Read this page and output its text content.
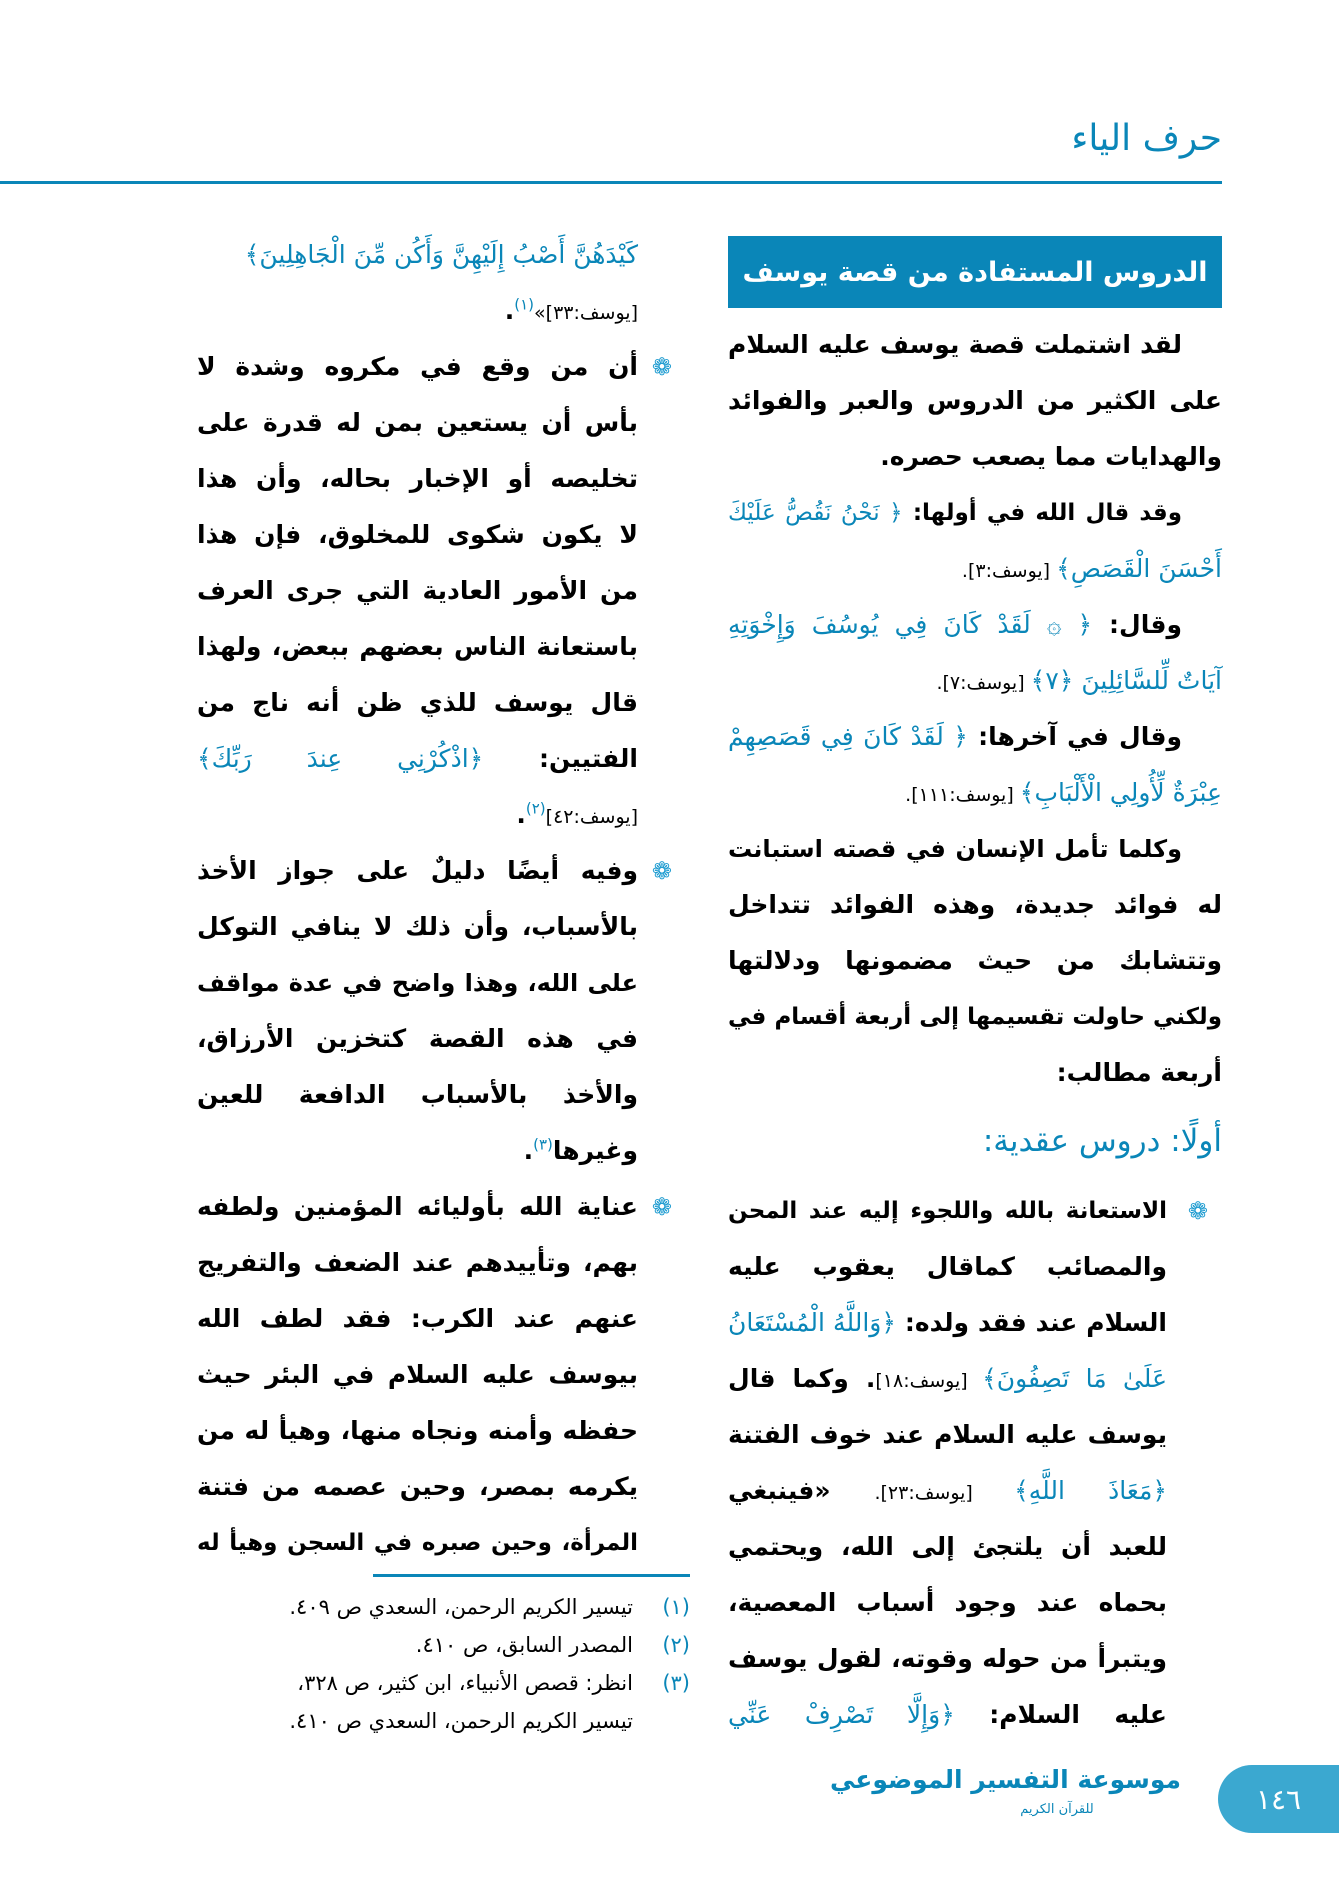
حرف الياء
الدروس المستفادة من قصة يوسف
لقد اشتملت قصة يوسف عليه السلام
على الكثير من الدروس والعبر والفوائد
والهدايات مما يصعب حصره.
وقد قال الله في أولها: ﴿ نَحْنُ نَقُصُّ عَلَيْكَ
أَحْسَنَ الْقَصَصِ﴾ [يوسف:٣].
وقال: ﴿ ۞ لَقَدْ كَانَ فِي يُوسُفَ وَإِخْوَتِهِ
آيَاتٌ لِّلسَّائِلِينَ ﴿٧﴾ [يوسف:٧].
وقال في آخرها: ﴿ لَقَدْ كَانَ فِي قَصَصِهِمْ
عِبْرَةٌ لِّأُولِي الْأَلْبَابِ﴾ [يوسف:١١١].
وكلما تأمل الإنسان في قصته استبانت
له فوائد جديدة، وهذه الفوائد تتداخل
وتتشابك من حيث مضمونها ودلالتها
ولكني حاولت تقسيمها إلى أربعة أقسام في
أربعة مطالب:
أولًا: دروس عقدية:
❁
الاستعانة بالله واللجوء إليه عند المحن
والمصائب كماقال يعقوب عليه
السلام عند فقد ولده: ﴿وَاللَّهُ الْمُسْتَعَانُ
عَلَىٰ مَا تَصِفُونَ﴾ [يوسف:١٨]. وكما قال
يوسف عليه السلام عند خوف الفتنة
﴿مَعَاذَ اللَّهِ﴾ [يوسف:٢٣]. «فينبغي
للعبد أن يلتجئ إلى الله، ويحتمي
بحماه عند وجود أسباب المعصية،
ويتبرأ من حوله وقوته، لقول يوسف
عليه السلام: ﴿وَإِلَّا تَصْرِفْ عَنِّي
كَيْدَهُنَّ أَصْبُ إِلَيْهِنَّ وَأَكُن مِّنَ الْجَاهِلِينَ﴾
[يوسف:٣٣]»$^{(١)}$.
❁
أن من وقع في مكروه وشدة لا
بأس أن يستعين بمن له قدرة على
تخليصه أو الإخبار بحاله، وأن هذا
لا يكون شكوى للمخلوق، فإن هذا
من الأمور العادية التي جرى العرف
باستعانة الناس بعضهم ببعض، ولهذا
قال يوسف للذي ظن أنه ناج من
الفتيين: ﴿اذْكُرْنِي عِندَ رَبِّكَ﴾
[يوسف:٤٢]$^{(٢)}$.
❁
وفيه أيضًا دليلٌ على جواز الأخذ
بالأسباب، وأن ذلك لا ينافي التوكل
على الله، وهذا واضح في عدة مواقف
في هذه القصة كتخزين الأرزاق،
والأخذ بالأسباب الدافعة للعين
وغيرها$^{(٣)}$.
❁
عناية الله بأوليائه المؤمنين ولطفه
بهم، وتأييدهم عند الضعف والتفريج
عنهم عند الكرب: فقد لطف الله
بيوسف عليه السلام في البئر حيث
حفظه وأمنه ونجاه منها، وهيأ له من
يكرمه بمصر، وحين عصمه من فتنة
المرأة، وحين صبره في السجن وهيأ له
(١)
تيسير الكريم الرحمن، السعدي ص ٤٠٩.
(٢)
المصدر السابق، ص ٤١٠.
(٣)
انظر: قصص الأنبياء، ابن كثير، ص ٣٢٨،
تيسير الكريم الرحمن، السعدي ص ٤١٠.
موسوعة التفسير الموضوعي
للقرآن الكريم	١٤٦
